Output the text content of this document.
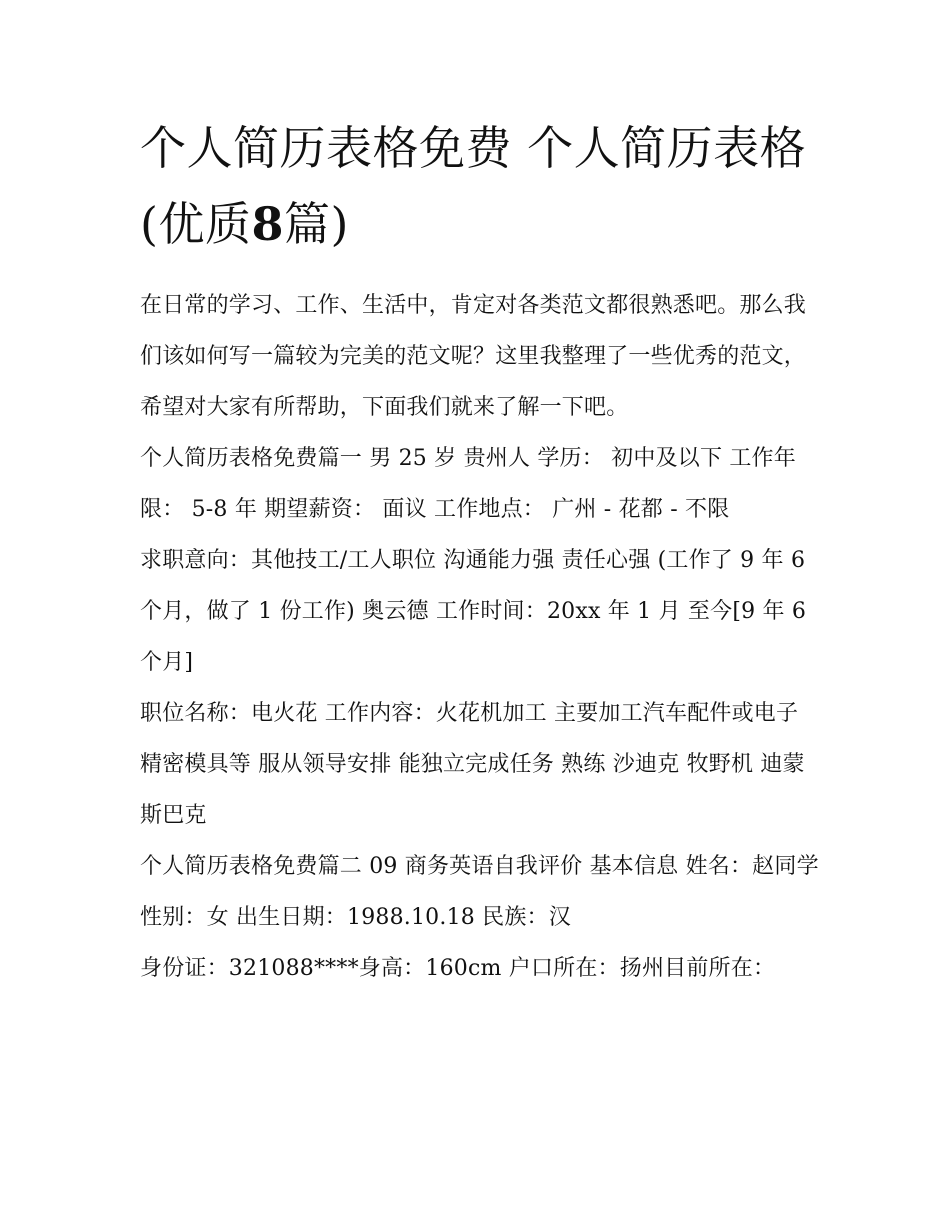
个人简历表格免费 个人简历表格(优质8篇)

在日常的学习、工作、生活中，肯定对各类范文都很熟悉吧。那么我们该如何写一篇较为完美的范文呢？这里我整理了一些优秀的范文，希望对大家有所帮助，下面我们就来了解一下吧。

个人简历表格免费篇一 男 25 岁 贵州人 学历： 初中及以下 工作年限： 5-8 年 期望薪资： 面议 工作地点： 广州 - 花都 - 不限

求职意向：其他技工/工人职位 沟通能力强 责任心强 (工作了 9 年 6 个月，做了 1 份工作) 奥云德 工作时间：20xx 年 1 月 至今[9 年 6 个月]

职位名称：电火花 工作内容：火花机加工 主要加工汽车配件或电子精密模具等 服从领导安排 能独立完成任务 熟练 沙迪克 牧野机 迪蒙斯巴克

个人简历表格免费篇二 09 商务英语自我评价 基本信息 姓名：赵同学性别：女 出生日期：1988.10.18 民族：汉

身份证：321088****身高：160cm 户口所在：扬州目前所在：
